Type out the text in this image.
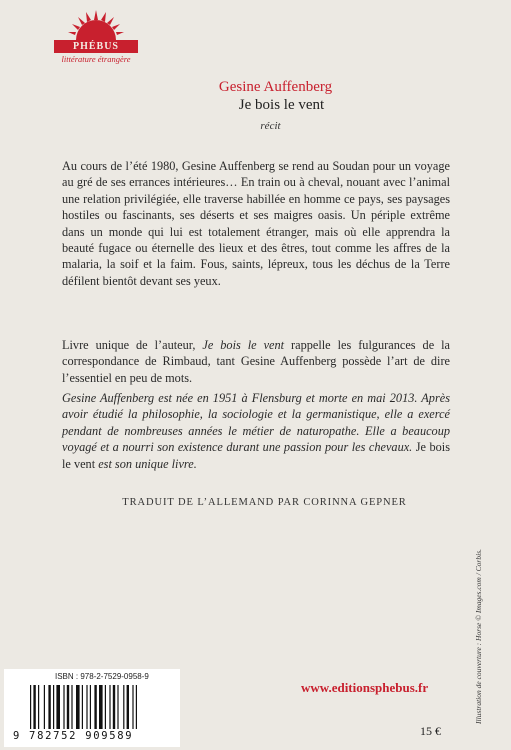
PHÉBUS
littérature étrangère
Gesine Auffenberg
Je bois le vent
récit
Au cours de l’été 1980, Gesine Auffenberg se rend au Soudan pour un voyage au gré de ses errances intérieures… En train ou à cheval, nouant avec l’animal une relation privilégiée, elle traverse habillée en homme ce pays, ses paysages hostiles ou fascinants, ses déserts et ses maigres oasis. Un périple extrême dans un monde qui lui est totalement étranger, mais où elle apprendra la beauté fugace ou éternelle des lieux et des êtres, tout comme les affres de la malaria, la soif et la faim. Fous, saints, lépreux, tous les déchus de la Terre défilent bientôt devant ses yeux.
Livre unique de l’auteur, Je bois le vent rappelle les fulgurances de la correspondance de Rimbaud, tant Gesine Auffenberg possède l’art de dire l’essentiel en peu de mots.
Gesine Auffenberg est née en 1951 à Flensburg et morte en mai 2013. Après avoir étudié la philosophie, la sociologie et la germanistique, elle a exercé pendant de nombreuses années le métier de naturopathe. Elle a beaucoup voyagé et a nourri son existence durant une passion pour les chevaux. Je bois le vent est son unique livre.
TRADUIT DE L’ALLEMAND PAR CORINNA GEPNER
ISBN : 978-2-7529-0958-9
9 782752 909589
www.editionsphebus.fr
15 €
Illustration de couverture : Horse © Images.com / Corbis.
